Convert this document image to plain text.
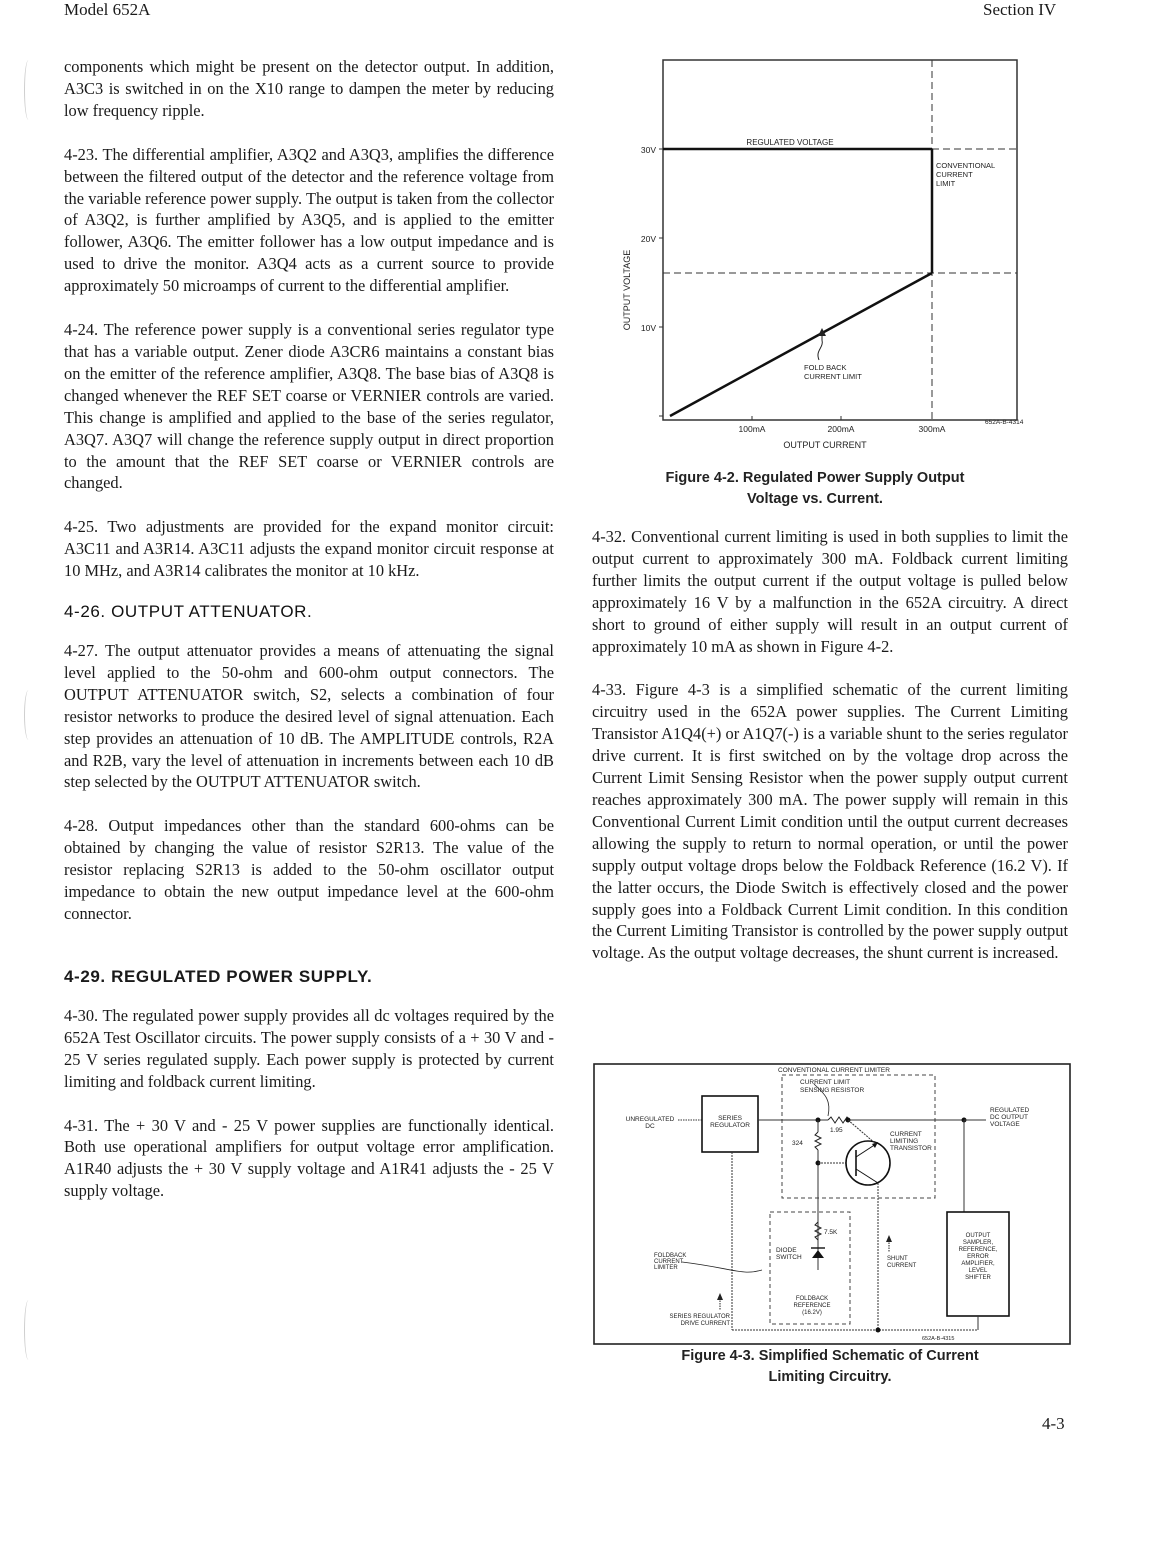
Model 652A	Section IV

components which might be present on the detector output. In addition, A3C3 is switched in on the X10 range to dampen the meter by reducing low frequency ripple.

4-23. The differential amplifier, A3Q2 and A3Q3, amplifies the difference between the filtered output of the detector and the reference voltage from the variable reference power supply. The output is taken from the collector of A3Q2, is further amplified by A3Q5, and is applied to the emitter follower, A3Q6. The emitter follower has a low output impedance and is used to drive the monitor. A3Q4 acts as a current source to provide approximately 50 microamps of current to the differential amplifier.

4-24. The reference power supply is a conventional series regulator type that has a variable output. Zener diode A3CR6 maintains a constant bias on the emitter of the reference amplifier, A3Q8. The base bias of A3Q8 is changed whenever the REF SET coarse or VERNIER controls are varied. This change is amplified and applied to the base of the series regulator, A3Q7. A3Q7 will change the reference supply output in direct proportion to the amount that the REF SET coarse or VERNIER controls are changed.

4-25. Two adjustments are provided for the expand monitor circuit: A3C11 and A3R14. A3C11 adjusts the expand monitor circuit response at 10 MHz, and A3R14 calibrates the monitor at 10 kHz.

4-26. OUTPUT ATTENUATOR.

4-27. The output attenuator provides a means of attenuating the signal level applied to the 50-ohm and 600-ohm output connectors. The OUTPUT ATTENUATOR switch, S2, selects a combination of four resistor networks to produce the desired level of signal attenuation. Each step provides an attenuation of 10 dB. The AMPLITUDE controls, R2A and R2B, vary the level of attenuation in increments between each 10 dB step selected by the OUTPUT ATTENUATOR switch.

4-28. Output impedances other than the standard 600-ohms can be obtained by changing the value of resistor S2R13. The value of the resistor replacing S2R13 is added to the 50-ohm oscillator output impedance to obtain the new output impedance level at the 600-ohm connector.

4-29. REGULATED POWER SUPPLY.

4-30. The regulated power supply provides all dc voltages required by the 652A Test Oscillator circuits. The power supply consists of a + 30 V and - 25 V series regulated supply. Each power supply is protected by current limiting and foldback current limiting.

4-31. The + 30 V and - 25 V power supplies are functionally identical. Both use operational amplifiers for output voltage error amplification. A1R40 adjusts the + 30 V supply voltage and A1R41 adjusts the - 25 V supply voltage.

30V
20V
10V
100mA	200mA	300mA
652A-B-4314
OUTPUT CURRENT
OUTPUT VOLTAGE
REGULATED VOLTAGE
CONVENTIONAL
CURRENT
LIMIT
FOLD BACK
CURRENT LIMIT
Figure 4-2. Regulated Power Supply Output
Voltage vs. Current.

4-32. Conventional current limiting is used in both supplies to limit the output current to approximately 300 mA. Foldback current limiting further limits the output current if the output voltage is pulled below approximately 16 V by a malfunction in the 652A circuitry. A direct short to ground of either supply will result in an output current of approximately 10 mA as shown in Figure 4-2.

4-33. Figure 4-3 is a simplified schematic of the current limiting circuitry used in the 652A power supplies. The Current Limiting Transistor A1Q4(+) or A1Q7(-) is a variable shunt to the series regulator drive current. It is first switched on by the voltage drop across the Current Limit Sensing Resistor when the power supply output current reaches approximately 300 mA. The power supply will remain in this Conventional Current Limit condition until the output current decreases allowing the supply to return to normal operation, or until the power supply output voltage drops below the Foldback Reference (16.2 V). If the latter occurs, the Diode Switch is effectively closed and the power supply goes into a Foldback Current Limit condition. In this condition the Current Limiting Transistor is controlled by the power supply output voltage. As the output voltage decreases, the shunt current is increased.

CONVENTIONAL CURRENT LIMITER
CURRENT LIMIT
SENSING RESISTOR
UNREGULATED
DC
SERIES
REGULATOR
1.95
324
CURRENT
LIMITING
TRANSISTOR
REGULATED
DC OUTPUT
VOLTAGE
OUTPUT
SAMPLER,
REFERENCE,
ERROR
AMPLIFIER,
LEVEL
SHIFTER
652A-B-4315
7.5K
DIODE
SWITCH
FOLDBACK
REFERENCE
(16.2V)
FOLDBACK
CURRENT
LIMITER
SHUNT
CURRENT
SERIES REGULATOR
DRIVE CURRENT
Figure 4-3. Simplified Schematic of Current
Limiting Circuitry.
4-3
